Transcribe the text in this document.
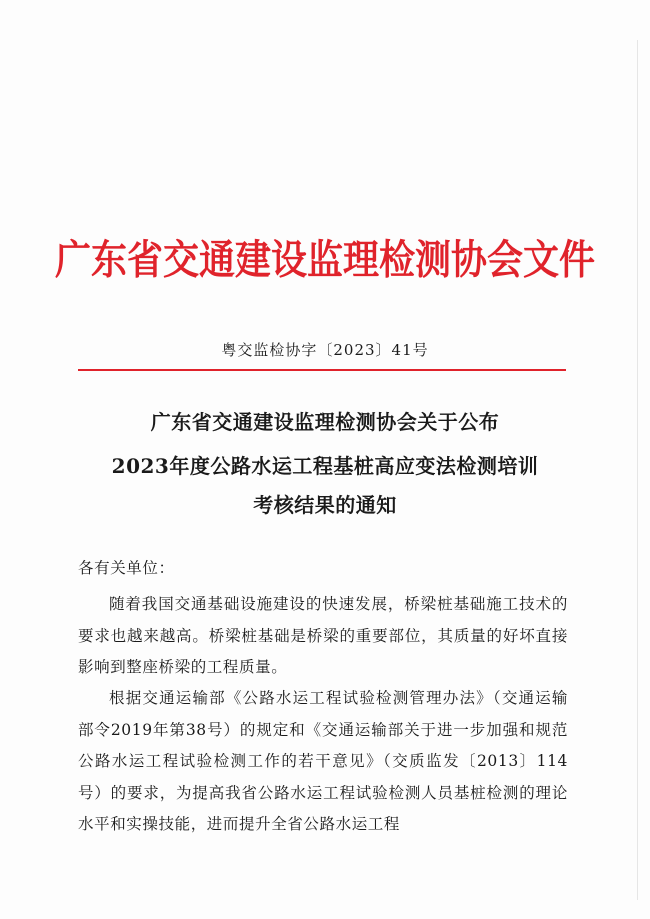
广东省交通建设监理检测协会文件
粤交监检协字〔2023〕41号
广东省交通建设监理检测协会关于公布
2023年度公路水运工程基桩高应变法检测培训
考核结果的通知
各有关单位：
随着我国交通基础设施建设的快速发展，桥梁桩基础施工技术的要求也越来越高。桥梁桩基础是桥梁的重要部位，其质量的好坏直接影响到整座桥梁的工程质量。
根据交通运输部《公路水运工程试验检测管理办法》（交通运输部令2019年第38号）的规定和《交通运输部关于进一步加强和规范公路水运工程试验检测工作的若干意见》（交质监发〔2013〕114号）的要求，为提高我省公路水运工程试验检测人员基桩检测的理论水平和实操技能，进而提升全省公路水运工程
